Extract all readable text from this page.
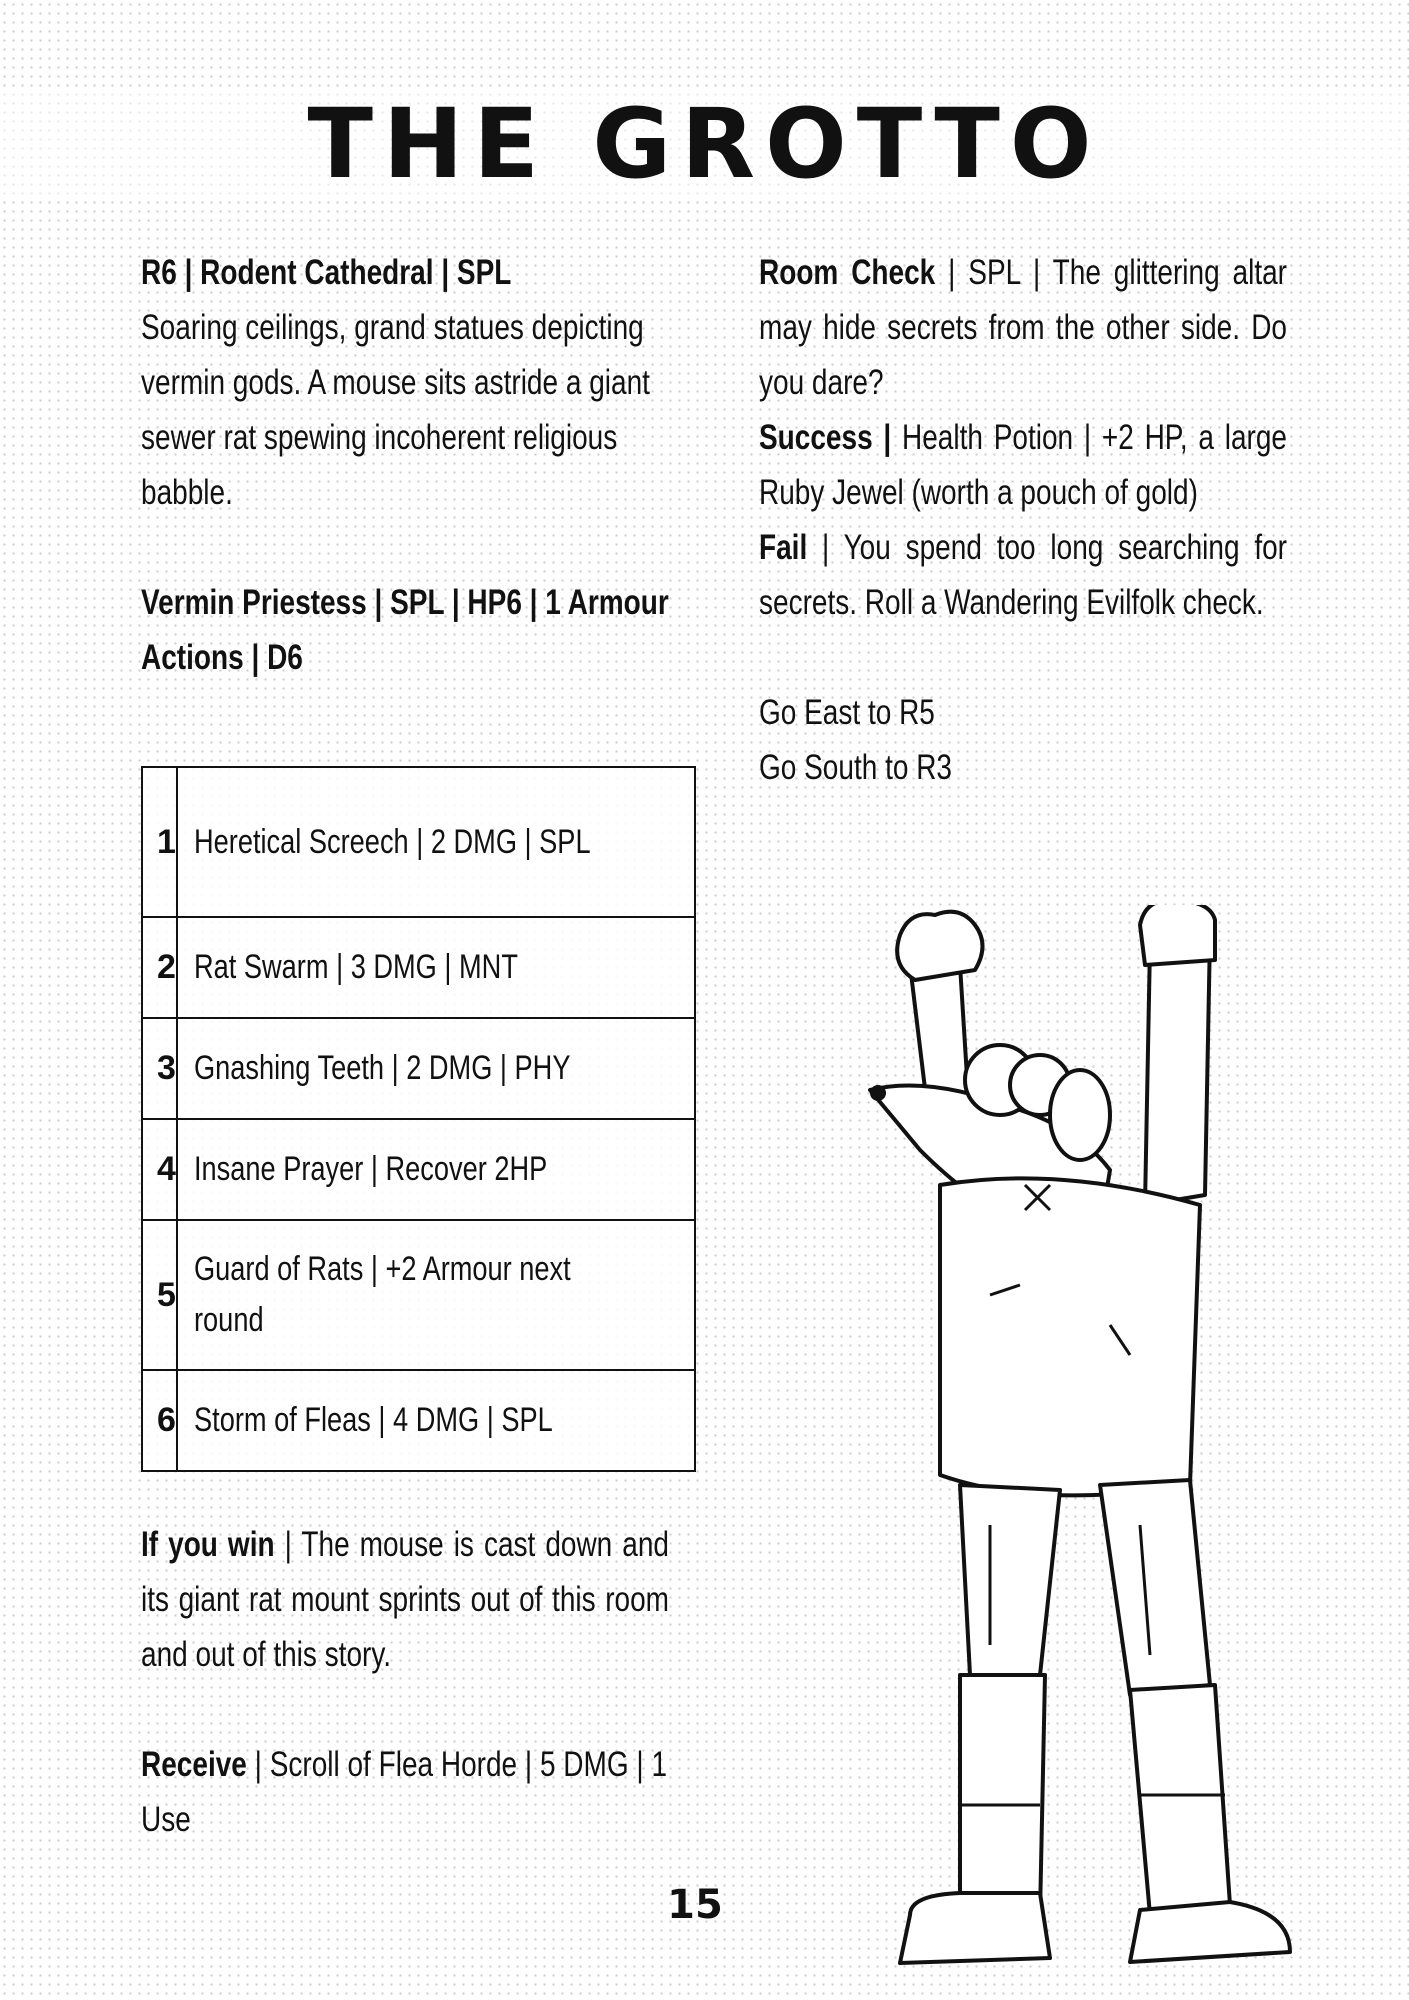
THE GROTTO

R6 | Rodent Cathedral | SPL

Soaring ceilings, grand statues depicting vermin gods. A mouse sits astride a giant sewer rat spewing incoherent religious babble.

Vermin Priestess | SPL | HP6 | 1 Armour

Actions | D6

1	Heretical Screech | 2 DMG | SPL
2	Rat Swarm | 3 DMG | MNT
3	Gnashing Teeth | 2 DMG | PHY
4	Insane Prayer | Recover 2HP
5	Guard of Rats | +2 Armour next round
6	Storm of Fleas | 4 DMG | SPL

If you win | The mouse is cast down and its giant rat mount sprints out of this room and out of this story.

Receive | Scroll of Flea Horde | 5 DMG | 1 Use

Room Check | SPL | The glittering altar may hide secrets from the other side. Do you dare?

Success | Health Potion | +2 HP, a large Ruby Jewel (worth a pouch of gold)

Fail | You spend too long searching for secrets. Roll a Wandering Evilfolk check.

Go East to R5

Go South to R3

15
